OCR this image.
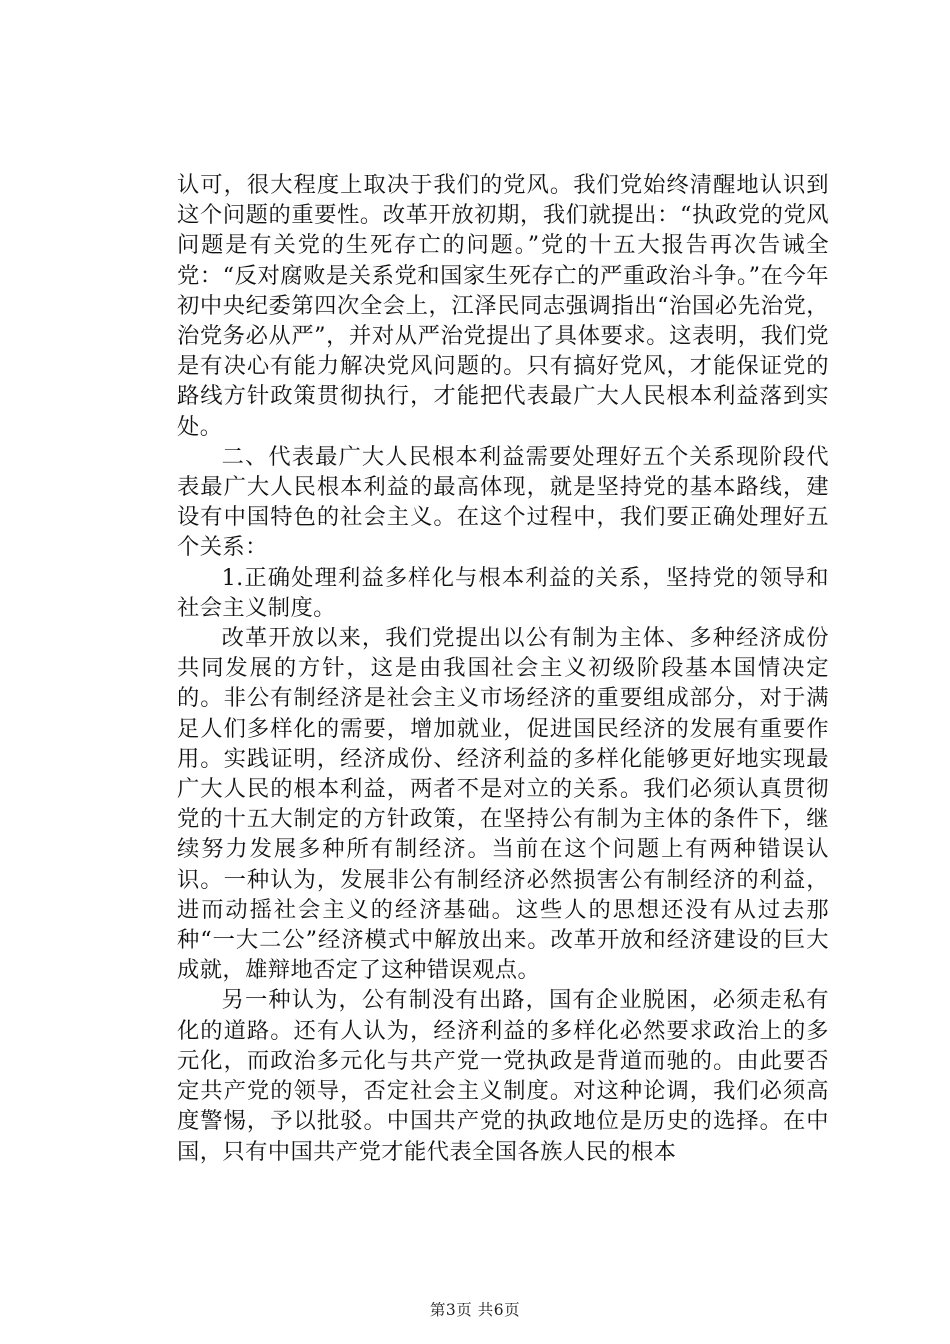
认可，很大程度上取决于我们的党风。我们党始终清醒地认识到这个问题的重要性。改革开放初期，我们就提出：“执政党的党风问题是有关党的生死存亡的问题。”党的十五大报告再次告诫全党：“反对腐败是关系党和国家生死存亡的严重政治斗争。”在今年初中央纪委第四次全会上，江泽民同志强调指出“治国必先治党，治党务必从严”，并对从严治党提出了具体要求。这表明，我们党是有决心有能力解决党风问题的。只有搞好党风，才能保证党的路线方针政策贯彻执行，才能把代表最广大人民根本利益落到实处。

二、代表最广大人民根本利益需要处理好五个关系现阶段代表最广大人民根本利益的最高体现，就是坚持党的基本路线，建设有中国特色的社会主义。在这个过程中，我们要正确处理好五个关系：

1.正确处理利益多样化与根本利益的关系，坚持党的领导和社会主义制度。

改革开放以来，我们党提出以公有制为主体、多种经济成份共同发展的方针，这是由我国社会主义初级阶段基本国情决定的。非公有制经济是社会主义市场经济的重要组成部分，对于满足人们多样化的需要，增加就业，促进国民经济的发展有重要作用。实践证明，经济成份、经济利益的多样化能够更好地实现最广大人民的根本利益，两者不是对立的关系。我们必须认真贯彻党的十五大制定的方针政策，在坚持公有制为主体的条件下，继续努力发展多种所有制经济。当前在这个问题上有两种错误认识。一种认为，发展非公有制经济必然损害公有制经济的利益，进而动摇社会主义的经济基础。这些人的思想还没有从过去那种“一大二公”经济模式中解放出来。改革开放和经济建设的巨大成就，雄辩地否定了这种错误观点。

另一种认为，公有制没有出路，国有企业脱困，必须走私有化的道路。还有人认为，经济利益的多样化必然要求政治上的多元化，而政治多元化与共产党一党执政是背道而驰的。由此要否定共产党的领导，否定社会主义制度。对这种论调，我们必须高度警惕，予以批驳。中国共产党的执政地位是历史的选择。在中国，只有中国共产党才能代表全国各族人民的根本

第3页 共6页
